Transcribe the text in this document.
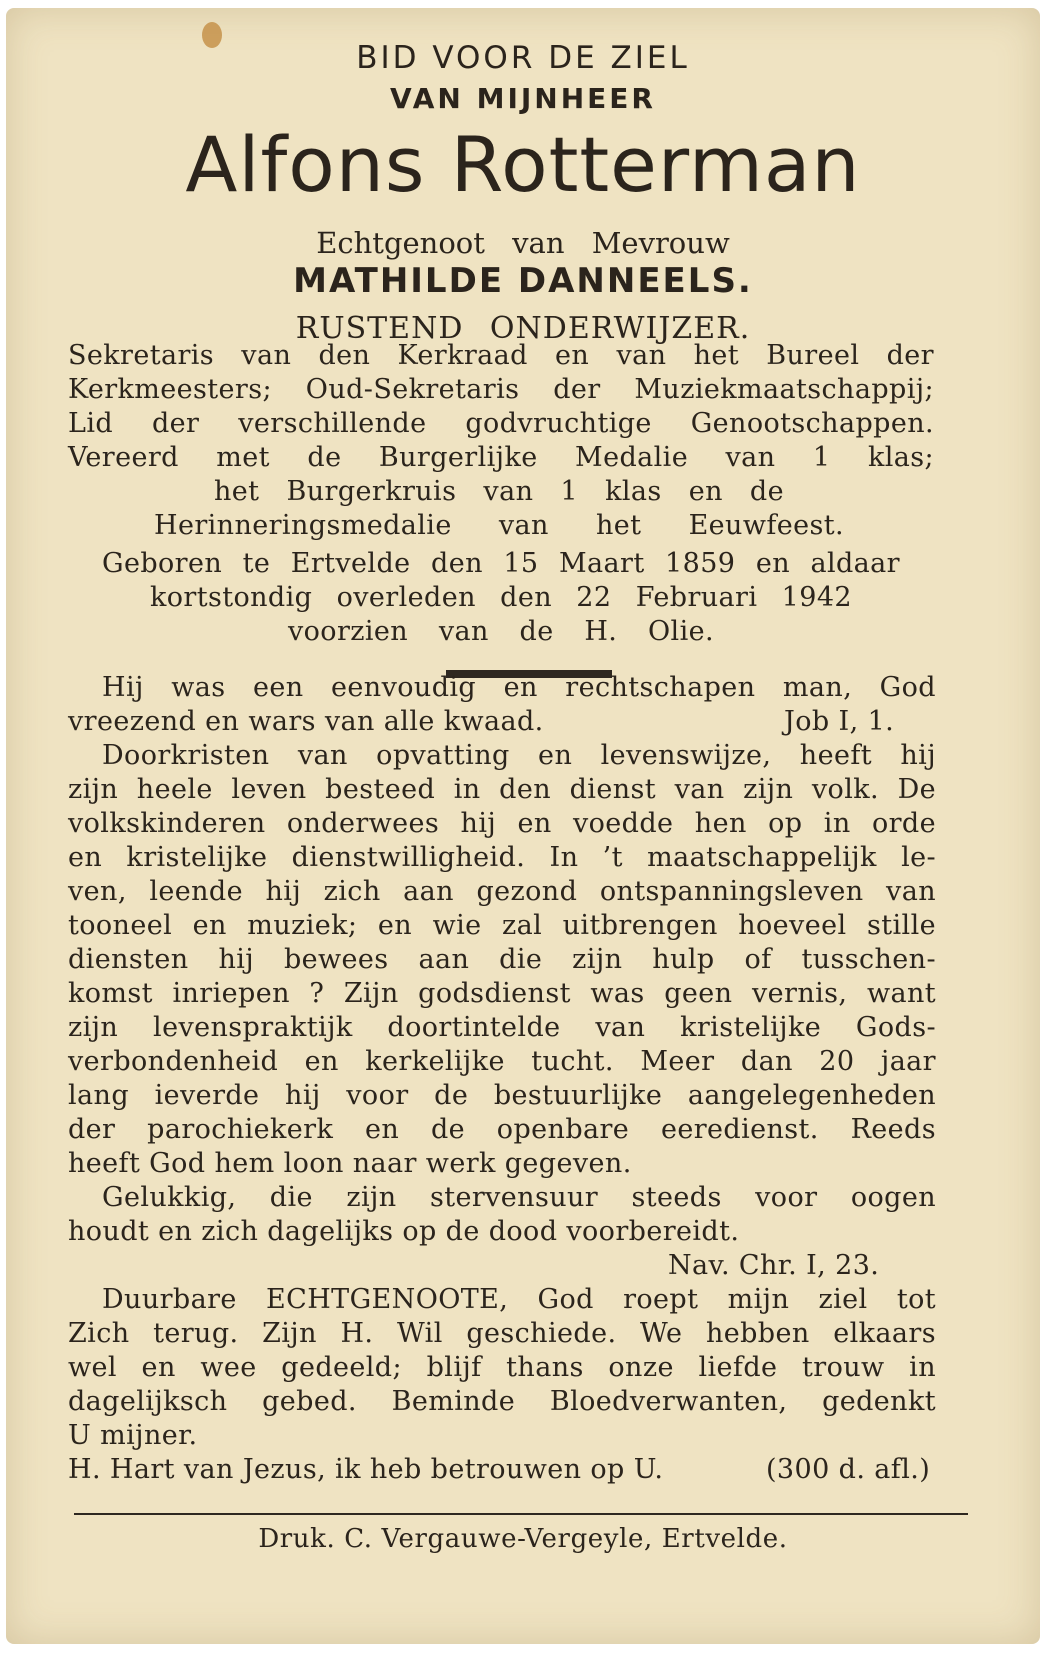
BID VOOR DE ZIEL
VAN MIJNHEER
Alfons Rotterman
Echtgenoot van Mevrouw
MATHILDE DANNEELS.
RUSTEND ONDERWIJZER.
Sekretaris van den Kerkraad en van het Bureel der
Kerkmeesters; Oud-Sekretaris der Muziekmaatschappij;
Lid der verschillende godvruchtige Genootschappen.
Vereerd met de Burgerlijke Medalie van 1 klas;
het Burgerkruis van 1 klas en de
Herinneringsmedalie van het Eeuwfeest.
Geboren te Ertvelde den 15 Maart 1859 en aldaar
kortstondig overleden den 22 Februari 1942
voorzien van de H. Olie.
Hij was een eenvoudig en rechtschapen man, God
vreezend en wars van alle kwaad.	Job I, 1.
Doorkristen van opvatting en levenswijze, heeft hij
zijn heele leven besteed in den dienst van zijn volk. De
volkskinderen onderwees hij en voedde hen op in orde
en kristelijke dienstwilligheid. In ’t maatschappelijk le-
ven, leende hij zich aan gezond ontspanningsleven van
tooneel en muziek; en wie zal uitbrengen hoeveel stille
diensten hij bewees aan die zijn hulp of tusschen-
komst inriepen ? Zijn godsdienst was geen vernis, want
zijn levenspraktijk doortintelde van kristelijke Gods-
verbondenheid en kerkelijke tucht. Meer dan 20 jaar
lang ieverde hij voor de bestuurlijke aangelegenheden
der parochiekerk en de openbare eeredienst. Reeds
heeft God hem loon naar werk gegeven.
Gelukkig, die zijn stervensuur steeds voor oogen
houdt en zich dagelijks op de dood voorbereidt.
Nav. Chr. I, 23.
Duurbare ECHTGENOOTE, God roept mijn ziel tot
Zich terug. Zijn H. Wil geschiede. We hebben elkaars
wel en wee gedeeld; blijf thans onze liefde trouw in
dagelijksch gebed. Beminde Bloedverwanten, gedenkt
U mijner.
H. Hart van Jezus, ik heb betrouwen op U.	(300 d. afl.)
Druk. C. Vergauwe-Vergeyle, Ertvelde.
